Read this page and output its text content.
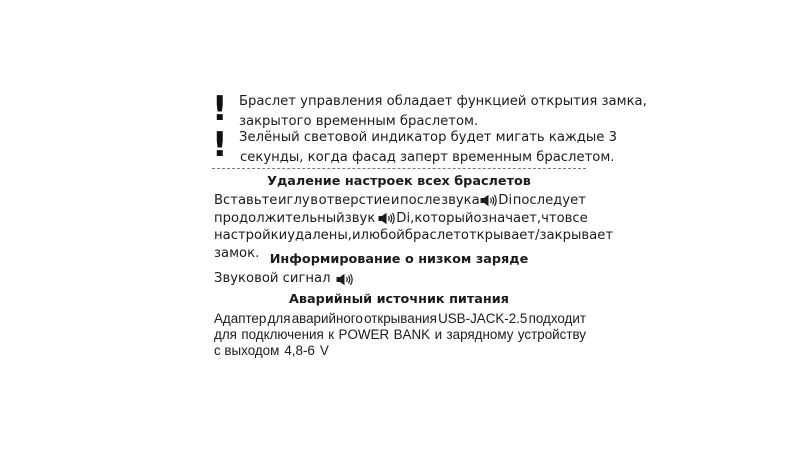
! Браслет управления обладает функцией открытия замка,
закрытого временным браслетом.
! Зелёный световой индикатор будет мигать каждые 3
секунды, когда фасад заперт временным браслетом.
Удаление настроек всех браслетов
Вставьте иглу в отверстие и после звука Di последует
продолжительный звук Di, который означает, что все
настройки удалены, и любой браслет открывает/закрывает
замок. Информирование о низком заряде
Звуковой сигнал
Аварийный источник питания
Адаптер для аварийного открывания USB-JACK-2.5 подходит
для подключения к POWER BANK и зарядному устройству
с выходом 4,8-6 V
